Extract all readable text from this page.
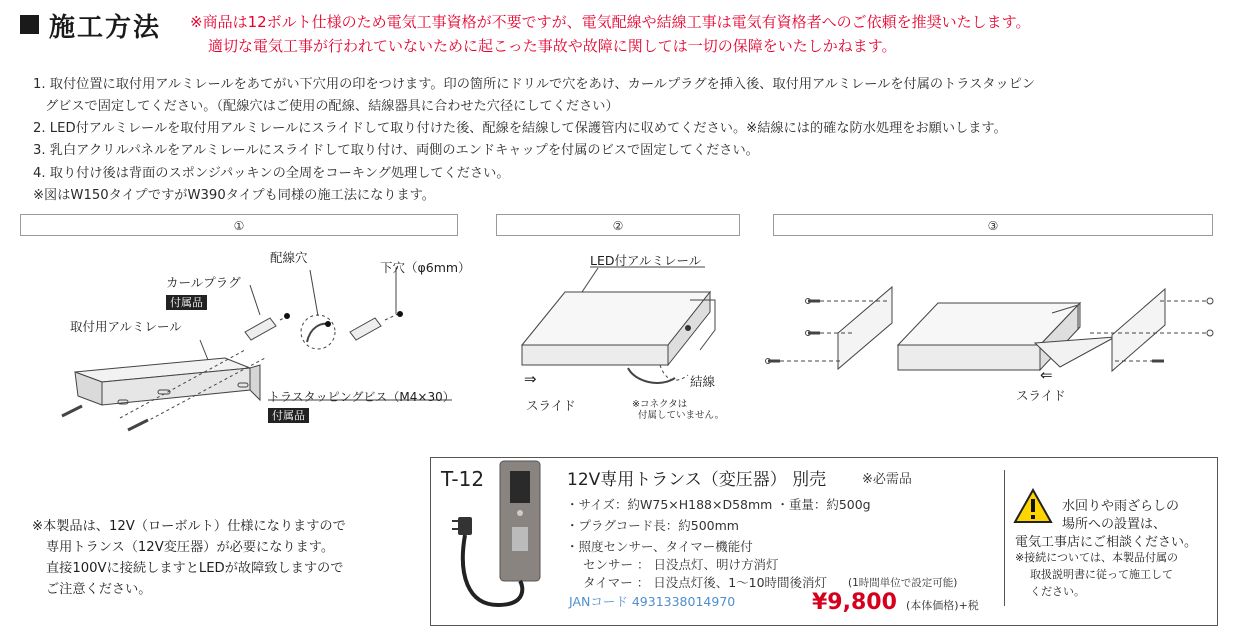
施工方法 ※商品は12ボルト仕様のため電気工事資格が不要ですが、電気配線や結線工事は電気有資格者へのご依頼を推奨いたします。
適切な電気工事が行われていないために起こった事故や故障に関しては一切の保障をいたしかねます。
1. 取付位置に取付用アルミレールをあてがい下穴用の印をつけます。印の箇所にドリルで穴をあけ、カールプラグを挿入後、取付用アルミレールを付属のトラスタッピン
グビスで固定してください。（配線穴はご使用の配線、結線器具に合わせた穴径にしてください）
2. LED付アルミレールを取付用アルミレールにスライドして取り付けた後、配線を結線して保護管内に収めてください。※結線には的確な防水処理をお願いします。
3. 乳白アクリルパネルをアルミレールにスライドして取り付け、両側のエンドキャップを付属のビスで固定してください。
4. 取り付け後は背面のスポンジパッキンの全周をコーキング処理してください。
※図はW150タイプですがW390タイプも同様の施工法になります。
①	②	③
配線穴
下穴（φ6mm）
カールプラグ
付属品
取付用アルミレール
トラスタッピングビス（M4×30）
付属品
LED付アルミレール
⇒
スライド
結線
※コネクタは
付属していません。
⇐
スライド
※本製品は、12V（ローボルト）仕様になりますので
専用トランス（12V変圧器）が必要になります。
直接100Vに接続しますとLEDが故障致しますので
ご注意ください。
T-12	12V専用トランス（変圧器） 別売	※必需品
・サイズ：約W75×H188×D58mm ・重量：約500g
・プラグコード長：約500mm
・照度センサー、タイマー機能付
センサー ： 日没点灯、明け方消灯
タイマー ： 日没点灯後、1〜10時間後消灯 (1時間単位で設定可能)
JANコード 4931338014970	¥9,800 (本体価格)+税
水回りや雨ざらしの
場所への設置は、
電気工事店にご相談ください。
※接続については、本製品付属の
取扱説明書に従って施工して
ください。
